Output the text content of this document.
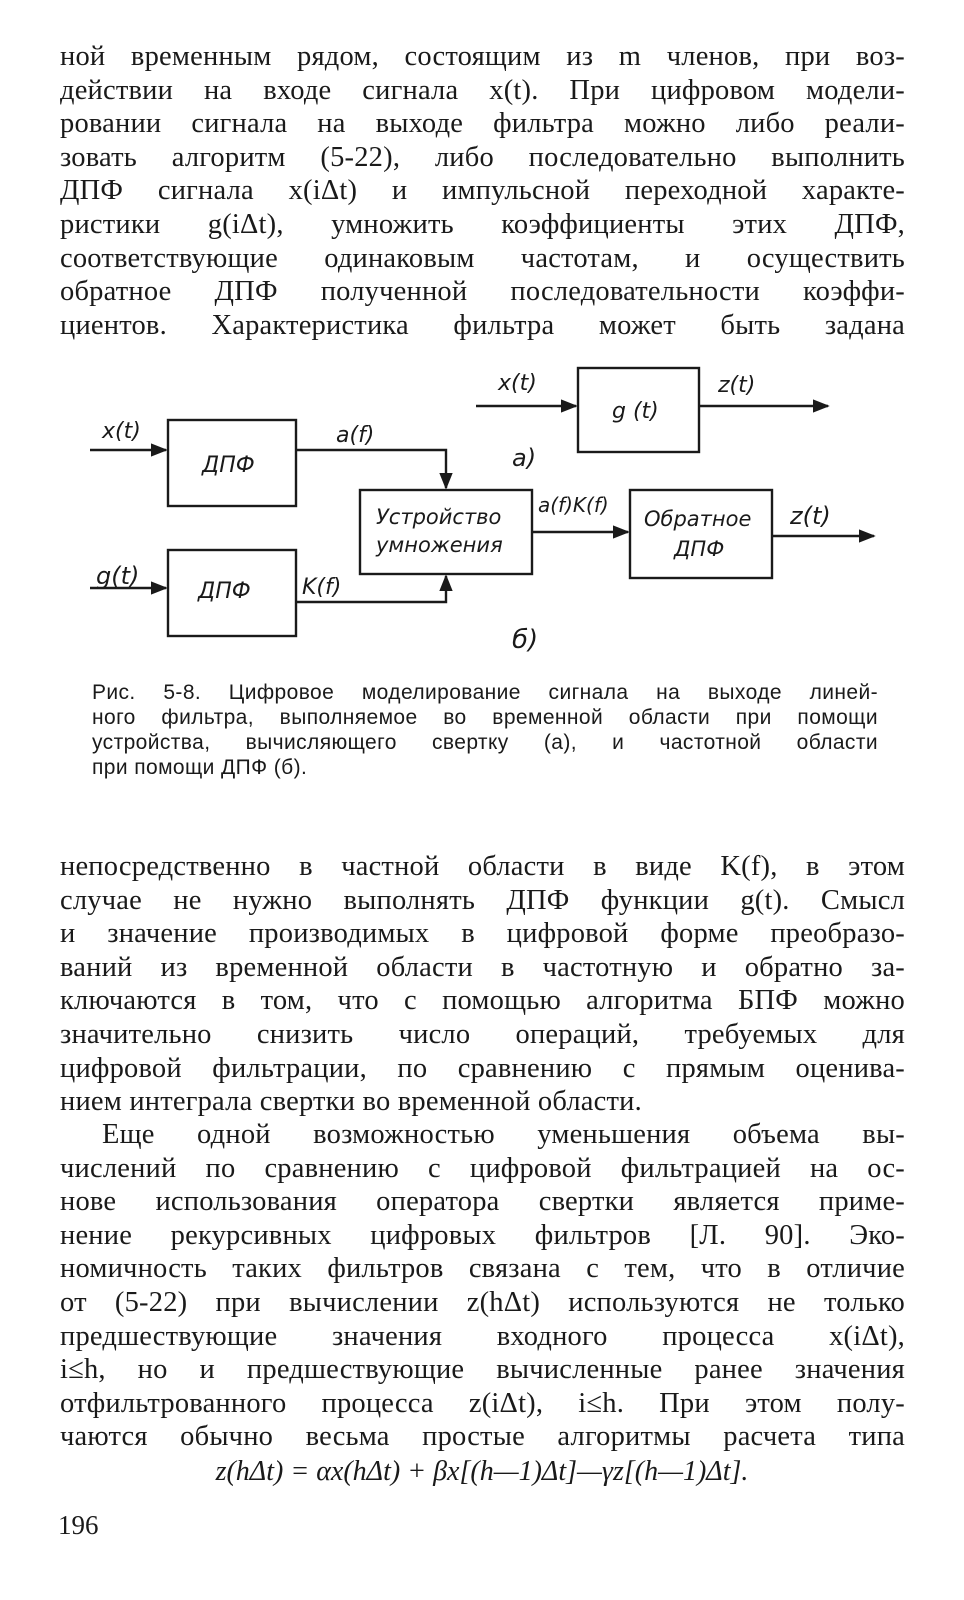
ной временным рядом, состоящим из m членов, при воз-
действии на входе сигнала x(t). При цифровом модели-
ровании сигнала на выходе фильтра можно либо реали-
зовать алгоритм (5-22), либо последовательно выполнить
ДПФ сигнала x(iΔt) и импульсной переходной характе-
ристики g(iΔt), умножить коэффициенты этих ДПФ,
соответствующие одинаковым частотам, и осуществить
обратное ДПФ полученной последовательности коэффи-
циентов. Характеристика фильтра может быть задана
x(t)
g (t)
z(t)
a)
x(t)
ДПФ
a(f)
g(t)
ДПФ K(f)
Устройство
умножения
a(f)K(f)
Обратное
ДПФ
z(t)
б)
Рис. 5-8. Цифровое моделирование сигнала на выходе линей-
ного фильтра, выполняемое во временной области при помощи
устройства, вычисляющего свертку (а), и частотной области
при помощи ДПФ (б).
непосредственно в частной области в виде K(f), в этом
случае не нужно выполнять ДПФ функции g(t). Смысл
и значение производимых в цифровой форме преобразо-
ваний из временной области в частотную и обратно за-
ключаются в том, что с помощью алгоритма БПФ можно
значительно снизить число операций, требуемых для
цифровой фильтрации, по сравнению с прямым оценива-
нием интеграла свертки во временной области.
Еще одной возможностью уменьшения объема вы-
числений по сравнению с цифровой фильтрацией на ос-
нове использования оператора свертки является приме-
нение рекурсивных цифровых фильтров [Л. 90]. Эко-
номичность таких фильтров связана с тем, что в отличие
от (5-22) при вычислении z(hΔt) используются не только
предшествующие значения входного процесса x(iΔt),
i≤h, но и предшествующие вычисленные ранее значения
отфильтрованного процесса z(iΔt), i≤h. При этом полу-
чаются обычно весьма простые алгоритмы расчета типа
z(hΔt) = αx(hΔt) + βx[(h—1)Δt]—γz[(h—1)Δt].
196
